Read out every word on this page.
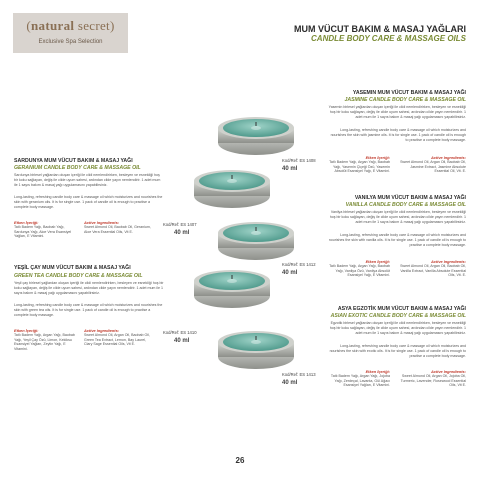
(natural secret)
Exclusive Spa Selection
MUM VÜCUT BAKIM & MASAJ YAĞLARI
CANDLE BODY CARE & MASSAGE OILS
YASEMIN MUM VÜCUT BAKIM & MASAJ YAĞI
JASMINE CANDLE BODY CARE & MASSAGE OIL
Yasemin birlesel yağlardan oluşan içeriği ile cildi nemlendirirken, besleyen ve esnekliği hoş bir koku sağlayan, değiş ile cilde uyum sahesi, ardından cilde yayın nemlendirir. 1 adet mum ile 1 sayıs bakım & masaj yağı uygulamasını yapabilirsiniz.
Long-lasting, refreshing candle body care & massage oil which moisturizes and nourishes the skin with jasmine oils. It is for single use. 1 pack of candle oil is enough to practise a complete body massage.
Etken İçeriği:
Tatlı Badem Yağı, Argan Yağı, Baobab Yağı, Yasemin Çiçeği Özü, Yasemin Absolüt Esansiyel Yağı, E Vitamini.
Active Ingredients:
Sweet Almond Oil, Argan Oil, Baobab Oil, Jasmine Extract, Jasmine Absolute Essential Oil, Vit. E.
Kod/Ref: ES 1408
40 ml
VANILYA MUM VÜCUT BAKIM & MASAJ YAĞI
VANILLA CANDLE BODY CARE & MASSAGE OIL
Vanilya birlesel yağlardan oluşan içeriği ile cildi nemlendirirken, besleyen ve esnekliği hoş bir koku sağlayan, değiş ile cilde uyum sahesi, ardından cilde yayın nemlendirir. 1 adet mum ile 1 sayıs bakım & masaj yağı uygulamasını yapabilirsiniz.
Long-lasting, refreshing candle body care & massage oil which moisturizes and nourishes the skin with vanilla oils. It is for single use. 1 pack of candle oil is enough to practise a complete body massage.
Etken İçeriği:
Tatlı Badem Yağı, Argan Yağı, Baobab Yağı, Vanilya Özü, Vanilya Absolüt Esansiyel Yağı, E Vitamini.
Active Ingredients:
Sweet Almond Oil, Argan Oil, Baobab Oil, Vanilla Extract, Vanilla Absolute Essential Oils, Vit. E.
Kod/Ref: ES 1412
40 ml
ASYA EGZOTİK MUM VÜCUT BAKIM & MASAJ YAĞI
ASIAN EXOTIC CANDLE BODY CARE & MASSAGE OIL
Egzotik birlesel yağlardan oluşan içeriği ile cildi nemlendirirken, besleyen ve esnekliği hoş bir koku sağlayan, değiş ile cilde uyum sahesi, ardından cilde yayın nemlendirir. 1 adet mum ile 1 sayıs bakım & masaj yağı uygulamasını yapabilirsiniz.
Long-lasting, refreshing candle body care & massage oil which moisturizes and nourishes the skin with exotic oils. It is for single use. 1 pack of candle oil is enough to practise a complete body massage.
Etken İçeriği:
Tatlı Badem Yağı, Argan Yağı, Jojoba Yağı, Zerdeçal, Lavanta, Gül Ağacı Esansiyel Yağları, E Vitamini.
Active Ingredients:
Sweet Almond Oil, Argan Oil, Jojoba Oil, Turmeric, Lavender, Rosewood Essential Oils, Vit E.
Kod/Ref: ES 1413
40 ml
SARDUNYA MUM VÜCUT BAKIM & MASAJ YAĞI
GERANIUM CANDLE BODY CARE & MASSAGE OIL
Sardunya birlesel yağlardan oluşan içeriği ile cildi nemlendirirken, besleyen ve esnekliği hoş bir koku sağlayan, değiş ile cilde uyum sahesi, ardından cilde yayın nemlendirir. 1 adet mum ile 1 sayıs bakım & masaj yağı uygulamasını yapabilirsiniz.
Long-lasting, refreshing candle body care & massage oil which moisturizes and nourishes the skin with geranium oils. It is for single use. 1 pack of candle oil is enough to practise a complete body massage.
Etken İçeriği:
Tatlı Badem Yağı, Baobab Yağı, Sardunya Yağı, Aloe Vera Esansiyel Yağları, E Vitamini.
Active Ingredients:
Sweet Almond Oil, Baobab Oil, Geranium, Aloe Vera Essential Oils, Vit E.
Kod/Ref: ES 1407
40 ml
YEŞİL ÇAY MUM VÜCUT BAKIM & MASAJ YAĞI
GREEN TEA CANDLE BODY CARE & MASSAGE OIL
Yeşil çay birlesel yağlardan oluşan içeriği ile cildi nemlendirirken, besleyen ve esnekliği hoş bir koku sağlayan, değiş ile cilde uyum sahesi, ardından cilde yayın nemlendirir. 1 adet mum ile 1 sayıs bakım & masaj yağı uygulamasını yapabilirsiniz.
Long-lasting, refreshing candle body care & massage oil which moisturizes and nourishes the skin with green tea oils. It is for single use. 1 pack of candle oil is enough to practise a complete body massage.
Etken İçeriği:
Tatlı Badem Yağı, Argan Yağı, Baobab Yağı, Yeşil Çay Özü, Limon, Kekiksu Esansiyel Yağları, Zeytin Yağı, E Vitamini.
Active Ingredients:
Sweet Almond Oil, Argan Oil, Baobab Oil, Green Tea Extract, Lemon, Bay Laurel, Clary Sage Essential Oils, Vit E.
Kod/Ref: ES 1410
40 ml
26
